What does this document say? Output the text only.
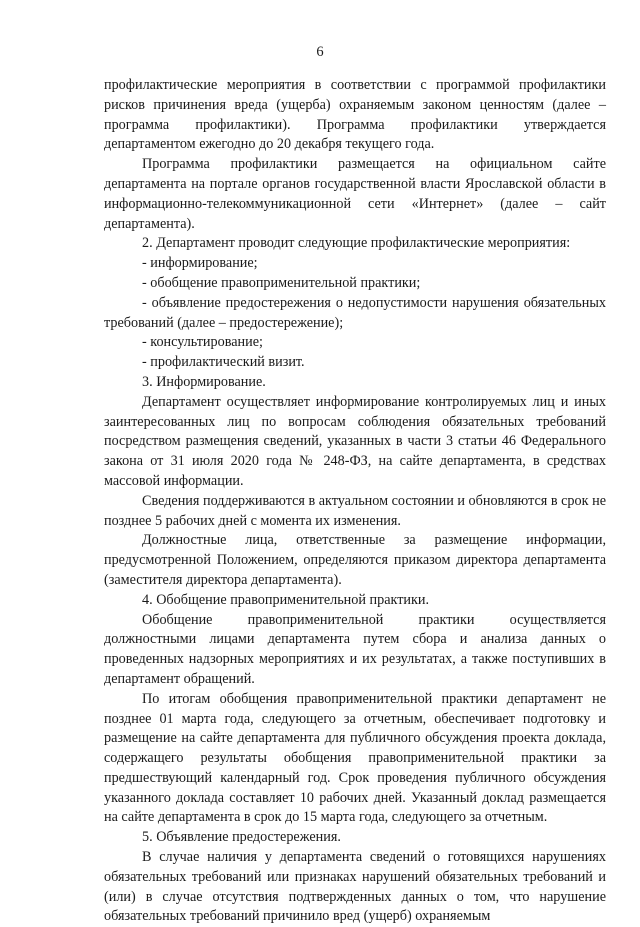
6

профилактические мероприятия в соответствии с программой профилактики рисков причинения вреда (ущерба) охраняемым законом ценностям (далее – программа профилактики). Программа профилактики утверждается департаментом ежегодно до 20 декабря текущего года.

Программа профилактики размещается на официальном сайте департамента на портале органов государственной власти Ярославской области в информационно-телекоммуникационной сети «Интернет» (далее – сайт департамента).

2. Департамент проводит следующие профилактические мероприятия:

- информирование;

- обобщение правоприменительной практики;

- объявление предостережения о недопустимости нарушения обязательных требований (далее – предостережение);

- консультирование;

- профилактический визит.

3. Информирование.

Департамент осуществляет информирование контролируемых лиц и иных заинтересованных лиц по вопросам соблюдения обязательных требований посредством размещения сведений, указанных в части 3 статьи 46 Федерального закона от 31 июля 2020 года № 248-ФЗ, на сайте департамента, в средствах массовой информации.

Сведения поддерживаются в актуальном состоянии и обновляются в срок не позднее 5 рабочих дней с момента их изменения.

Должностные лица, ответственные за размещение информации, предусмотренной Положением, определяются приказом директора департамента (заместителя директора департамента).

4. Обобщение правоприменительной практики.

Обобщение правоприменительной практики осуществляется должностными лицами департамента путем сбора и анализа данных о проведенных надзорных мероприятиях и их результатах, а также поступивших в департамент обращений.

По итогам обобщения правоприменительной практики департамент не позднее 01 марта года, следующего за отчетным, обеспечивает подготовку и размещение на сайте департамента для публичного обсуждения проекта доклада, содержащего результаты обобщения правоприменительной практики за предшествующий календарный год. Срок проведения публичного обсуждения указанного доклада составляет 10 рабочих дней. Указанный доклад размещается на сайте департамента в срок до 15 марта года, следующего за отчетным.

5. Объявление предостережения.

В случае наличия у департамента сведений о готовящихся нарушениях обязательных требований или признаках нарушений обязательных требований и (или) в случае отсутствия подтвержденных данных о том, что нарушение обязательных требований причинило вред (ущерб) охраняемым
